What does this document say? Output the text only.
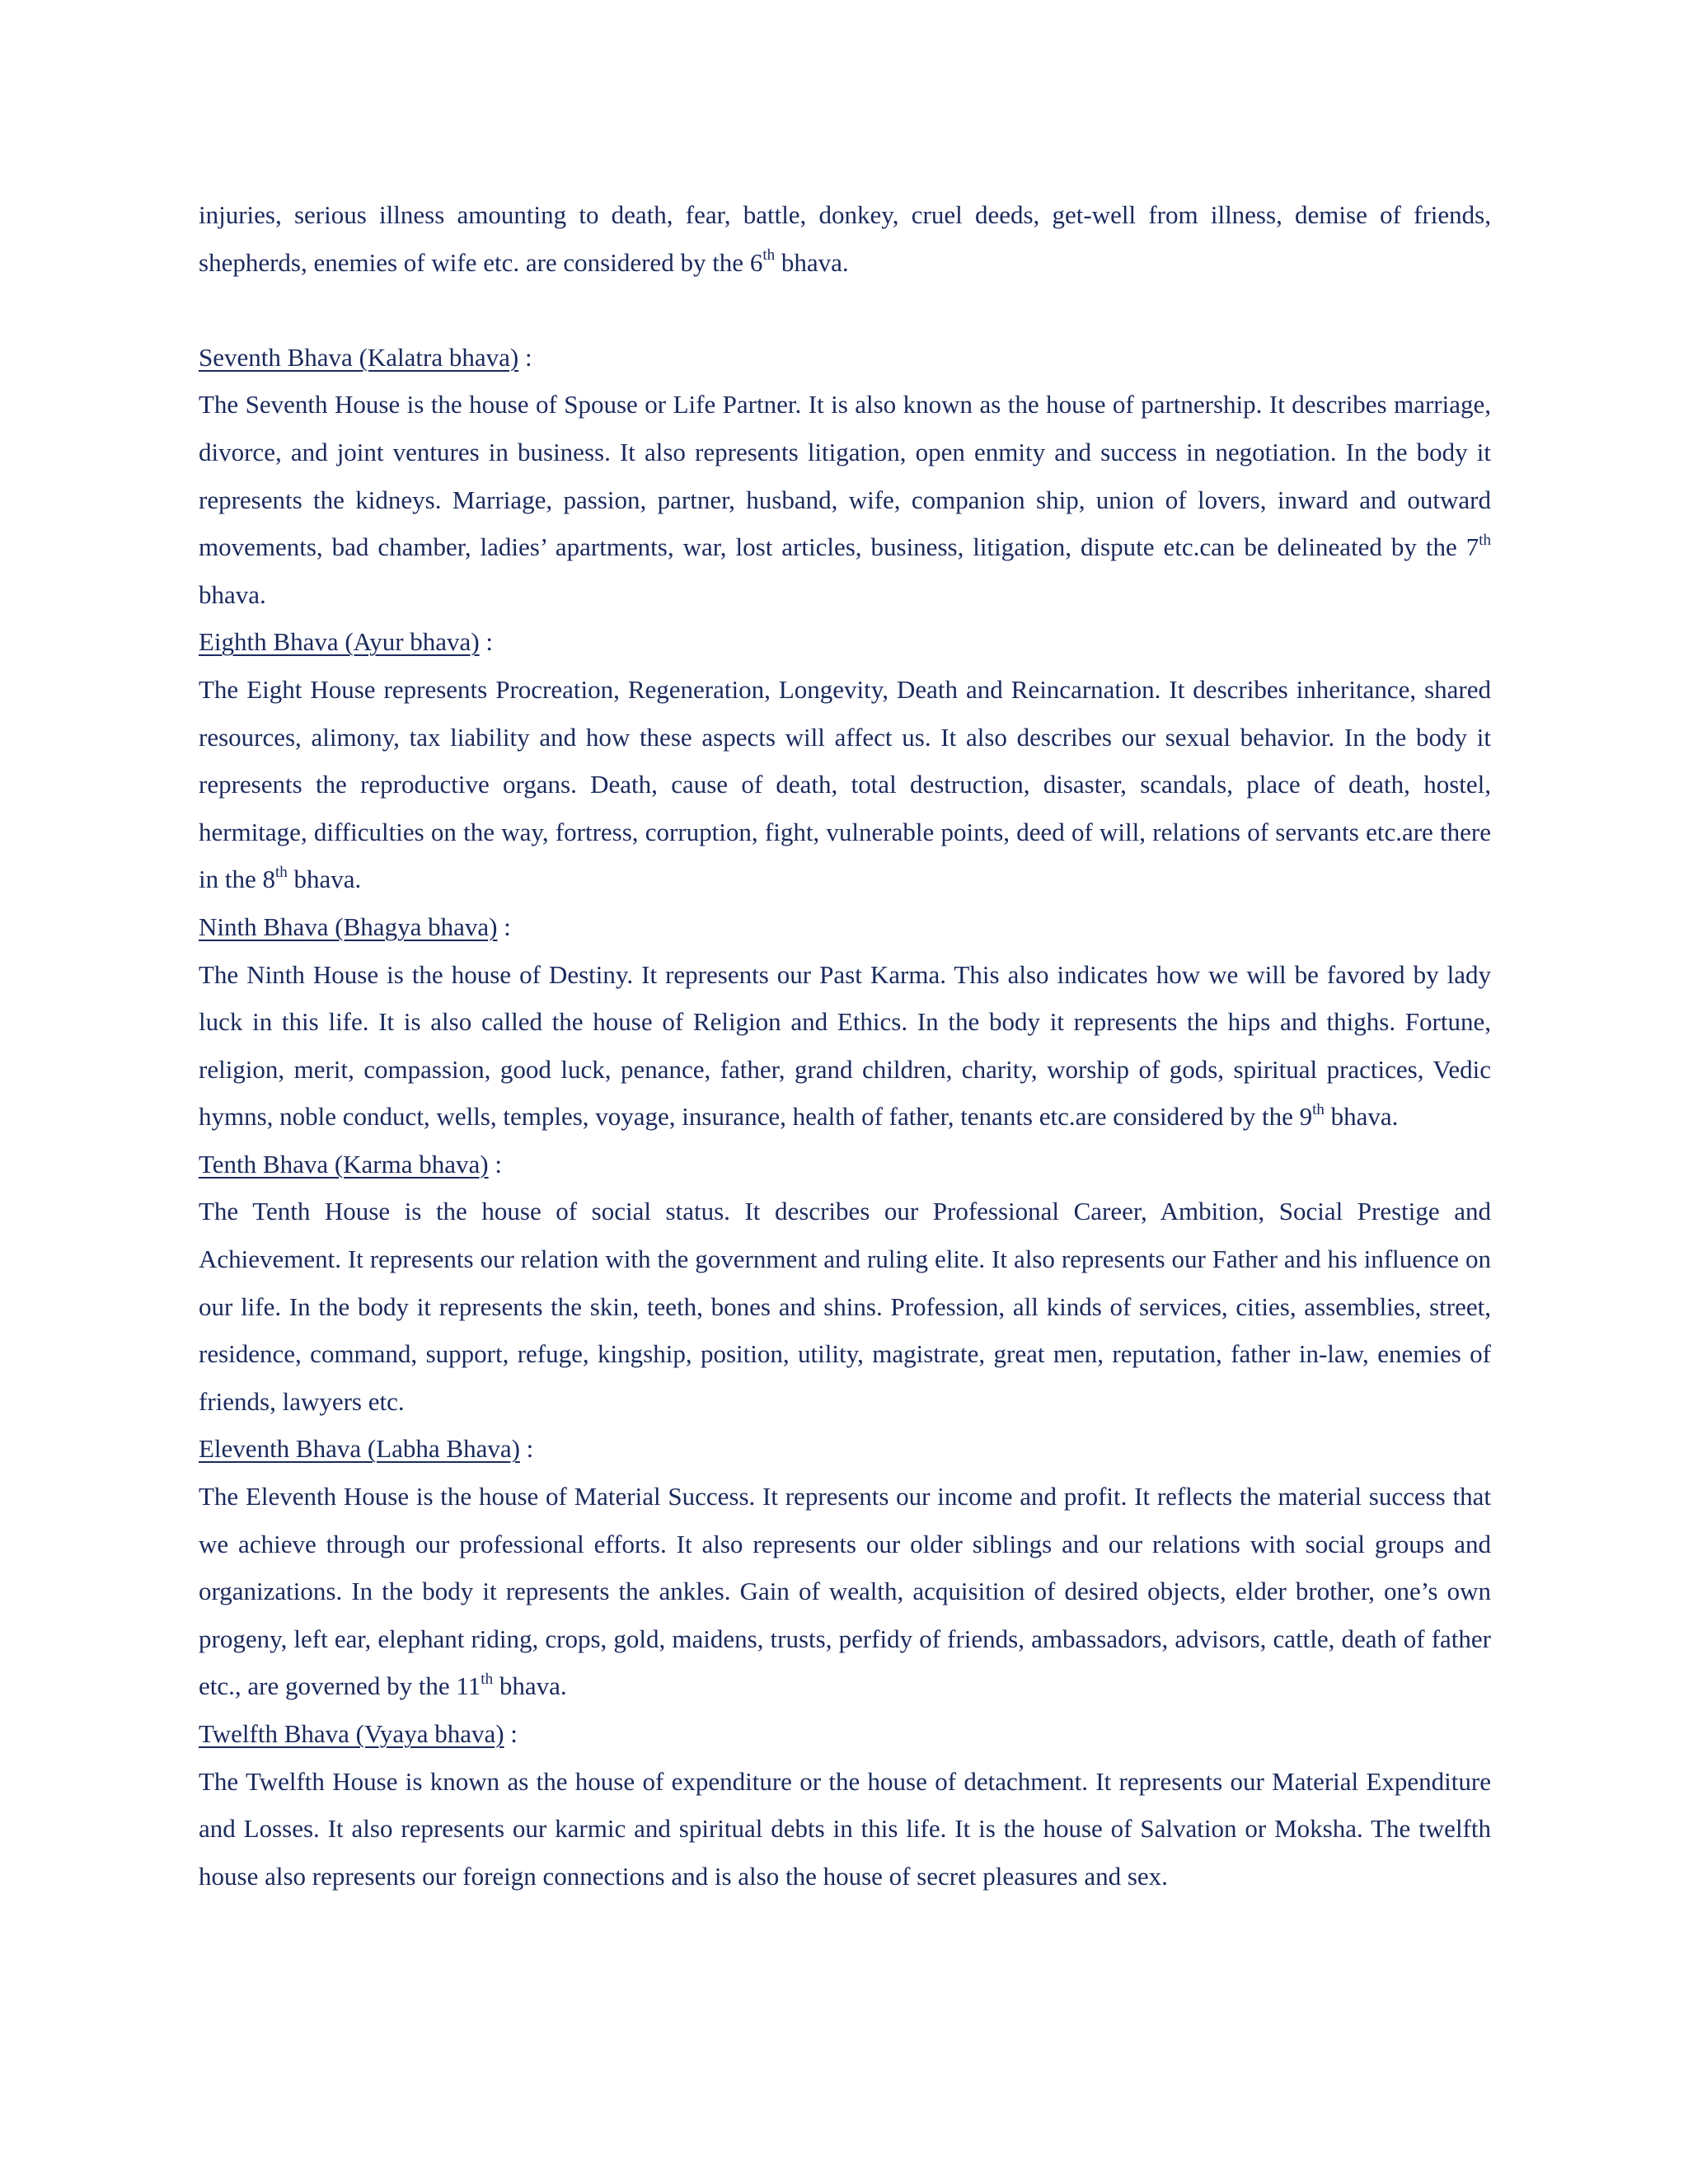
injuries, serious illness amounting to death, fear, battle, donkey, cruel deeds, get-well from illness, demise of friends, shepherds, enemies of wife etc. are considered by the 6th bhava.

Seventh Bhava (Kalatra bhava) :

The Seventh House is the house of Spouse or Life Partner. It is also known as the house of partnership. It describes marriage, divorce, and joint ventures in business. It also represents litigation, open enmity and success in negotiation. In the body it represents the kidneys. Marriage, passion, partner, husband, wife, companion ship, union of lovers, inward and outward movements, bad chamber, ladies’ apartments, war, lost articles, business, litigation, dispute etc.can be delineated by the 7th bhava.

Eighth Bhava (Ayur bhava) :

The Eight House represents Procreation, Regeneration, Longevity, Death and Reincarnation. It describes inheritance, shared resources, alimony, tax liability and how these aspects will affect us. It also describes our sexual behavior. In the body it represents the reproductive organs. Death, cause of death, total destruction, disaster, scandals, place of death, hostel, hermitage, difficulties on the way, fortress, corruption, fight, vulnerable points, deed of will, relations of servants etc.are there in the 8th bhava.

Ninth Bhava (Bhagya bhava) :

The Ninth House is the house of Destiny. It represents our Past Karma. This also indicates how we will be favored by lady luck in this life. It is also called the house of Religion and Ethics. In the body it represents the hips and thighs. Fortune, religion, merit, compassion, good luck, penance, father, grand children, charity, worship of gods, spiritual practices, Vedic hymns, noble conduct, wells, temples, voyage, insurance, health of father, tenants etc.are considered by the 9th bhava.

Tenth Bhava (Karma bhava) :

The Tenth House is the house of social status. It describes our Professional Career, Ambition, Social Prestige and Achievement. It represents our relation with the government and ruling elite. It also represents our Father and his influence on our life. In the body it represents the skin, teeth, bones and shins. Profession, all kinds of services, cities, assemblies, street, residence, command, support, refuge, kingship, position, utility, magistrate, great men, reputation, father in-law, enemies of friends, lawyers etc.

Eleventh Bhava (Labha Bhava) :

The Eleventh House is the house of Material Success. It represents our income and profit. It reflects the material success that we achieve through our professional efforts. It also represents our older siblings and our relations with social groups and organizations. In the body it represents the ankles. Gain of wealth, acquisition of desired objects, elder brother, one’s own progeny, left ear, elephant riding, crops, gold, maidens, trusts, perfidy of friends, ambassadors, advisors, cattle, death of father etc., are governed by the 11th bhava.

Twelfth Bhava (Vyaya bhava) :

The Twelfth House is known as the house of expenditure or the house of detachment. It represents our Material Expenditure and Losses. It also represents our karmic and spiritual debts in this life. It is the house of Salvation or Moksha. The twelfth house also represents our foreign connections and is also the house of secret pleasures and sex.
